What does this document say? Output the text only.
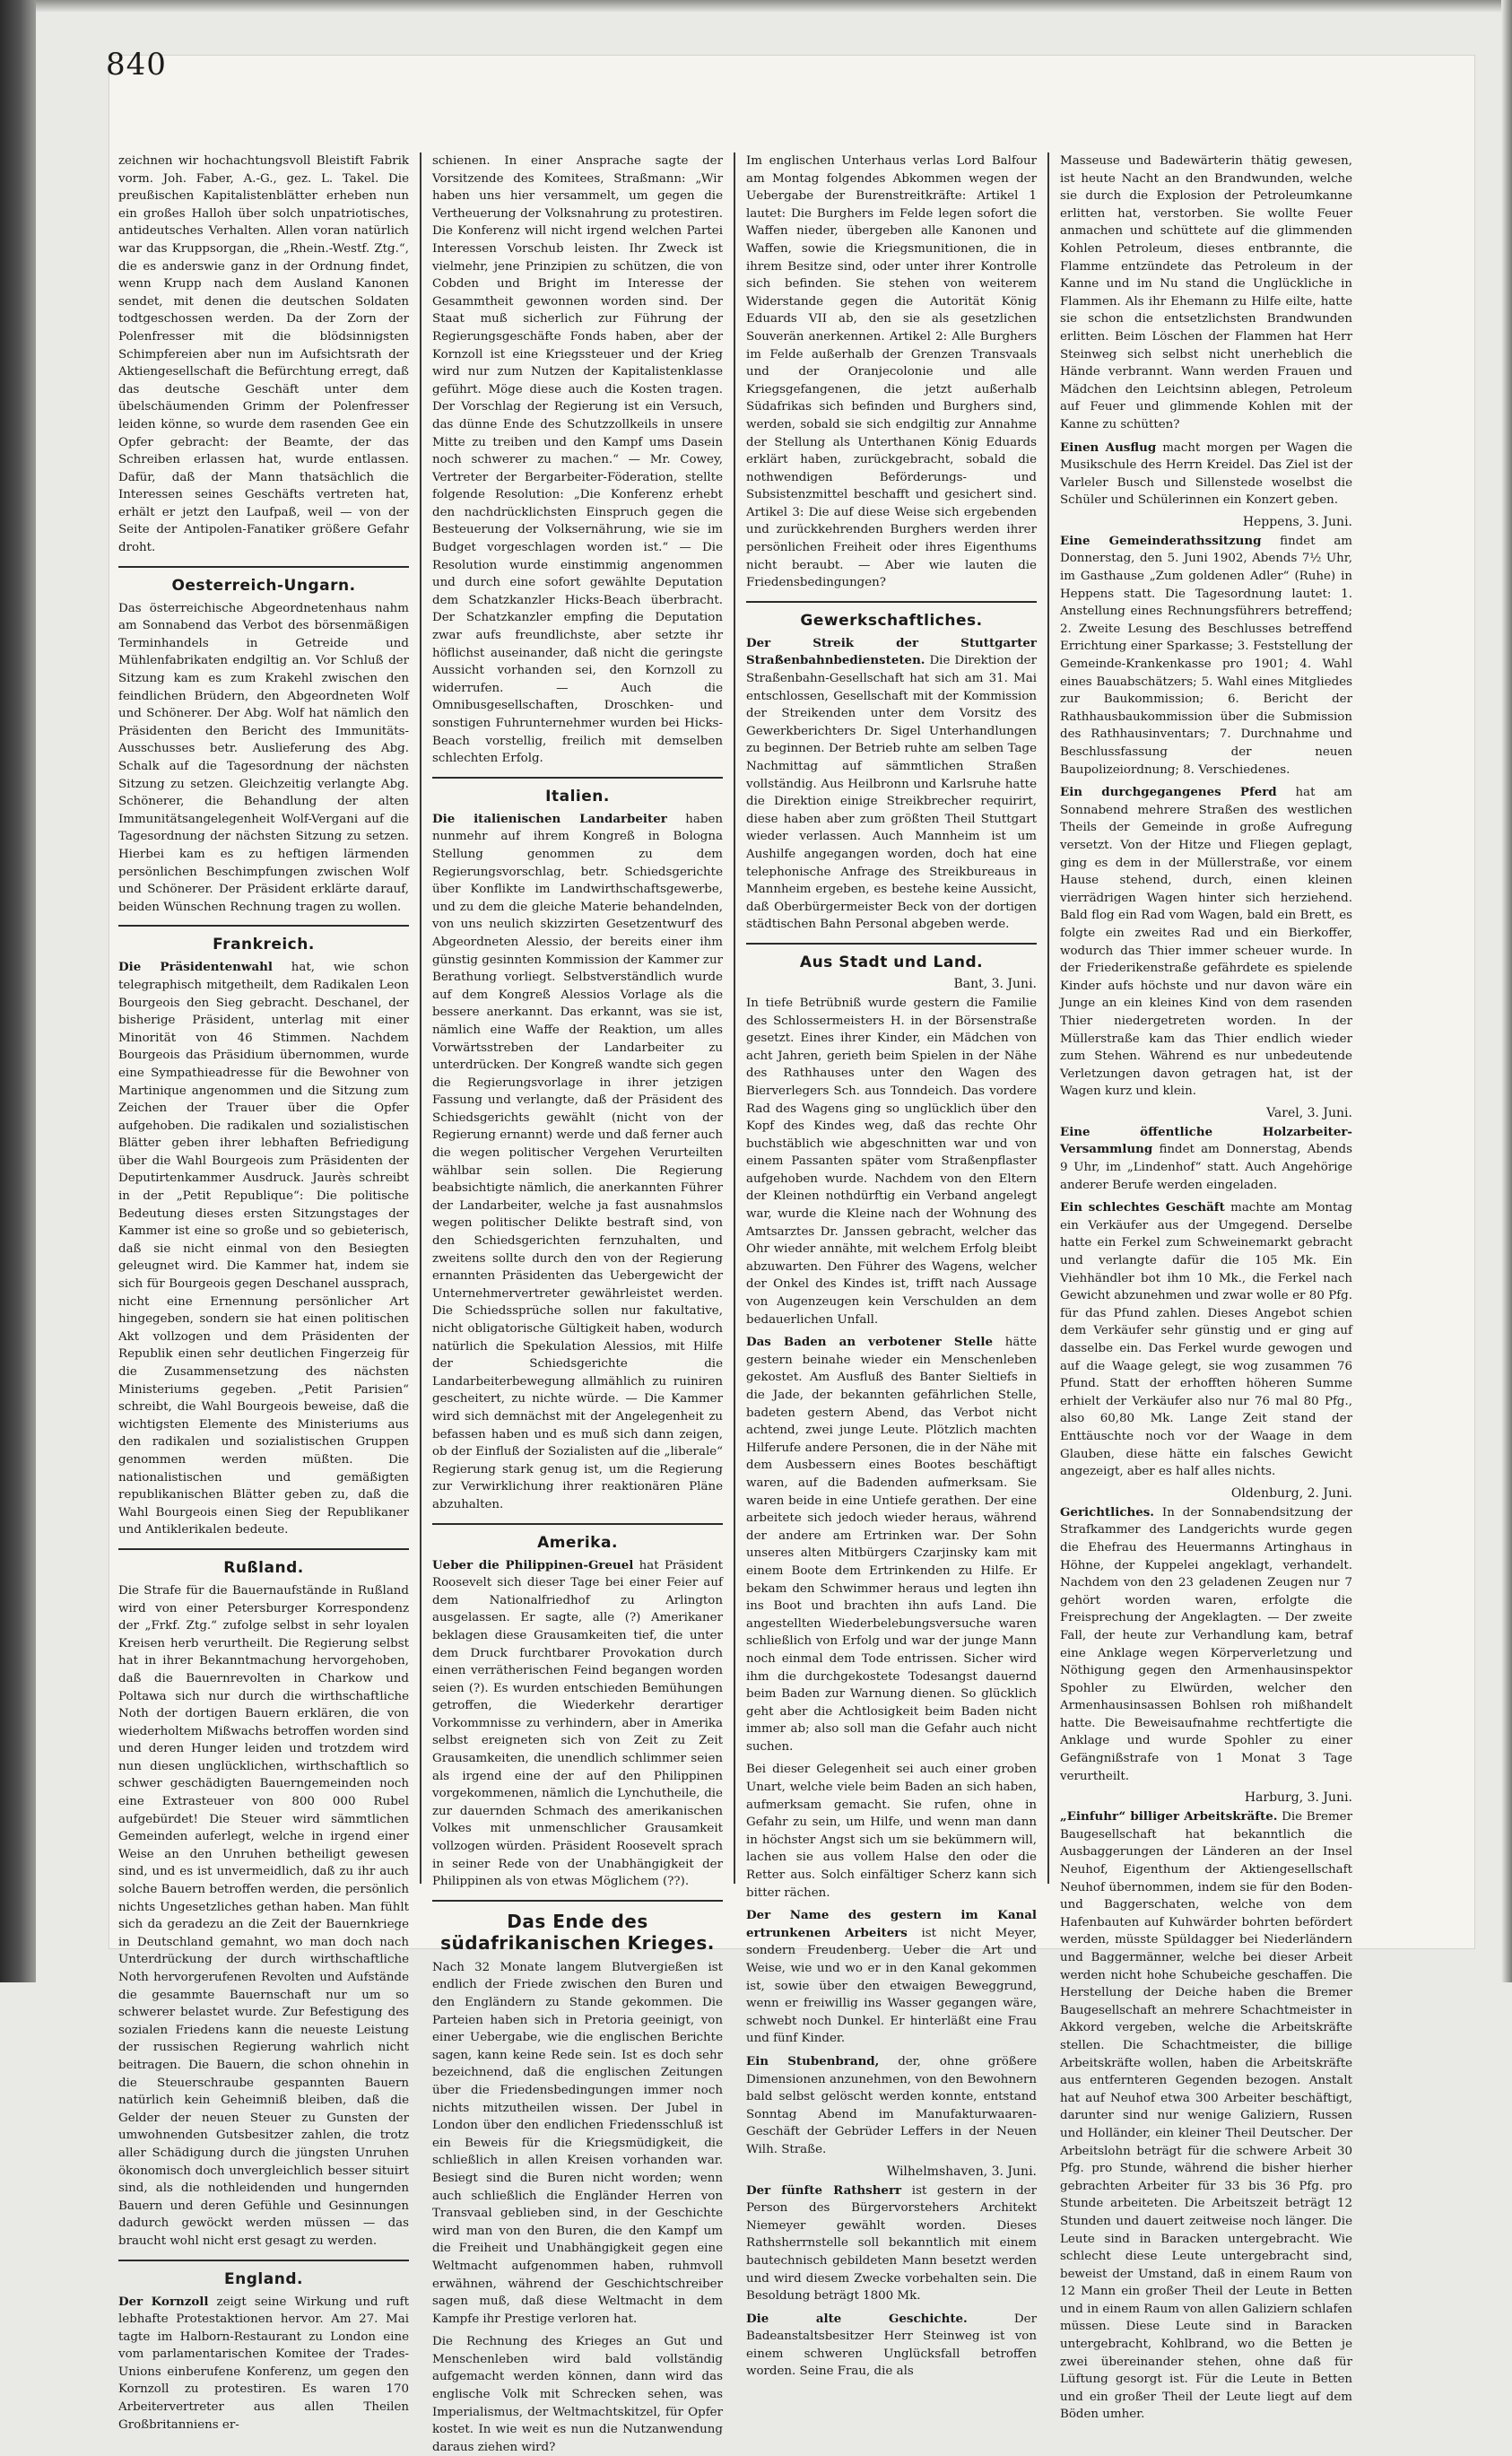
840

zeichnen wir hochachtungsvoll Bleistift Fabrik vorm. Joh. Faber, A.-G., gez. L. Takel. Die preußischen Kapitalistenblätter erheben nun ein großes Halloh über solch unpatriotisches, antideutsches Verhalten. Allen voran natürlich war das Kruppsorgan, die „Rhein.-Westf. Ztg.“, die es anderswie ganz in der Ordnung findet, wenn Krupp nach dem Ausland Kanonen sendet, mit denen die deutschen Soldaten todtgeschossen werden. Da der Zorn der Polenfresser mit die blödsinnigsten Schimpfereien aber nun im Aufsichtsrath der Aktiengesellschaft die Befürchtung erregt, daß das deutsche Geschäft unter dem übelschäumenden Grimm der Polenfresser leiden könne, so wurde dem rasenden Gee ein Opfer gebracht: der Beamte, der das Schreiben erlassen hat, wurde entlassen. Dafür, daß der Mann thatsächlich die Interessen seines Geschäfts vertreten hat, erhält er jetzt den Laufpaß, weil — von der Seite der Antipolen-Fanatiker größere Gefahr droht.

Oesterreich-Ungarn.

Das österreichische Abgeordnetenhaus nahm am Sonnabend das Verbot des börsenmäßigen Terminhandels in Getreide und Mühlenfabrikaten endgiltig an. Vor Schluß der Sitzung kam es zum Krakehl zwischen den feindlichen Brüdern, den Abgeordneten Wolf und Schönerer. Der Abg. Wolf hat nämlich den Präsidenten den Bericht des Immunitäts-Ausschusses betr. Auslieferung des Abg. Schalk auf die Tagesordnung der nächsten Sitzung zu setzen. Gleichzeitig verlangte Abg. Schönerer, die Behandlung der alten Immunitätsangelegenheit Wolf-Vergani auf die Tagesordnung der nächsten Sitzung zu setzen. Hierbei kam es zu heftigen lärmenden persönlichen Beschimpfungen zwischen Wolf und Schönerer. Der Präsident erklärte darauf, beiden Wünschen Rechnung tragen zu wollen.

Frankreich.

Die Präsidentenwahl hat, wie schon telegraphisch mitgetheilt, dem Radikalen Leon Bourgeois den Sieg gebracht. Deschanel, der bisherige Präsident, unterlag mit einer Minorität von 46 Stimmen. Nachdem Bourgeois das Präsidium übernommen, wurde eine Sympathieadresse für die Bewohner von Martinique angenommen und die Sitzung zum Zeichen der Trauer über die Opfer aufgehoben. Die radikalen und sozialistischen Blätter geben ihrer lebhaften Befriedigung über die Wahl Bourgeois zum Präsidenten der Deputirtenkammer Ausdruck. Jaurès schreibt in der „Petit Republique“: Die politische Bedeutung dieses ersten Sitzungstages der Kammer ist eine so große und so gebieterisch, daß sie nicht einmal von den Besiegten geleugnet wird. Die Kammer hat, indem sie sich für Bourgeois gegen Deschanel aussprach, nicht eine Ernennung persönlicher Art hingegeben, sondern sie hat einen politischen Akt vollzogen und dem Präsidenten der Republik einen sehr deutlichen Fingerzeig für die Zusammensetzung des nächsten Ministeriums gegeben. „Petit Parisien“ schreibt, die Wahl Bourgeois beweise, daß die wichtigsten Elemente des Ministeriums aus den radikalen und sozialistischen Gruppen genommen werden müßten. Die nationalistischen und gemäßigten republikanischen Blätter geben zu, daß die Wahl Bourgeois einen Sieg der Republikaner und Antiklerikalen bedeute.

Rußland.

Die Strafe für die Bauernaufstände in Rußland wird von einer Petersburger Korrespondenz der „Frkf. Ztg.“ zufolge selbst in sehr loyalen Kreisen herb verurtheilt. Die Regierung selbst hat in ihrer Bekanntmachung hervorgehoben, daß die Bauernrevolten in Charkow und Poltawa sich nur durch die wirthschaftliche Noth der dortigen Bauern erklären, die von wiederholtem Mißwachs betroffen worden sind und deren Hunger leiden und trotzdem wird nun diesen unglücklichen, wirthschaftlich so schwer geschädigten Bauerngemeinden noch eine Extrasteuer von 800 000 Rubel aufgebürdet! Die Steuer wird sämmtlichen Gemeinden auferlegt, welche in irgend einer Weise an den Unruhen betheiligt gewesen sind, und es ist unvermeidlich, daß zu ihr auch solche Bauern betroffen werden, die persönlich nichts Ungesetzliches gethan haben. Man fühlt sich da geradezu an die Zeit der Bauernkriege in Deutschland gemahnt, wo man doch nach Unterdrückung der durch wirthschaftliche Noth hervorgerufenen Revolten und Aufstände die gesammte Bauernschaft nur um so schwerer belastet wurde. Zur Befestigung des sozialen Friedens kann die neueste Leistung der russischen Regierung wahrlich nicht beitragen. Die Bauern, die schon ohnehin in die Steuerschraube gespannten Bauern natürlich kein Geheimniß bleiben, daß die Gelder der neuen Steuer zu Gunsten der umwohnenden Gutsbesitzer zahlen, die trotz aller Schädigung durch die jüngsten Unruhen ökonomisch doch unvergleichlich besser situirt sind, als die nothleidenden und hungernden Bauern und deren Gefühle und Gesinnungen dadurch gewöckt werden müssen — das braucht wohl nicht erst gesagt zu werden.

England.

Der Kornzoll zeigt seine Wirkung und ruft lebhafte Protestaktionen hervor. Am 27. Mai tagte im Halborn-Restaurant zu London eine vom parlamentarischen Komitee der Trades-Unions einberufene Konferenz, um gegen den Kornzoll zu protestiren. Es waren 170 Arbeitervertreter aus allen Theilen Großbritanniens er-

schienen. In einer Ansprache sagte der Vorsitzende des Komitees, Straßmann: „Wir haben uns hier versammelt, um gegen die Vertheuerung der Volksnahrung zu protestiren. Die Konferenz will nicht irgend welchen Partei Interessen Vorschub leisten. Ihr Zweck ist vielmehr, jene Prinzipien zu schützen, die von Cobden und Bright im Interesse der Gesammtheit gewonnen worden sind. Der Staat muß sicherlich zur Führung der Regierungsgeschäfte Fonds haben, aber der Kornzoll ist eine Kriegssteuer und der Krieg wird nur zum Nutzen der Kapitalistenklasse geführt. Möge diese auch die Kosten tragen. Der Vorschlag der Regierung ist ein Versuch, das dünne Ende des Schutzzollkeils in unsere Mitte zu treiben und den Kampf ums Dasein noch schwerer zu machen.“ — Mr. Cowey, Vertreter der Bergarbeiter-Föderation, stellte folgende Resolution: „Die Konferenz erhebt den nachdrücklichsten Einspruch gegen die Besteuerung der Volksernährung, wie sie im Budget vorgeschlagen worden ist.“ — Die Resolution wurde einstimmig angenommen und durch eine sofort gewählte Deputation dem Schatzkanzler Hicks-Beach überbracht. Der Schatzkanzler empfing die Deputation zwar aufs freundlichste, aber setzte ihr höflichst auseinander, daß nicht die geringste Aussicht vorhanden sei, den Kornzoll zu widerrufen. — Auch die Omnibusgesellschaften, Droschken- und sonstigen Fuhrunternehmer wurden bei Hicks-Beach vorstellig, freilich mit demselben schlechten Erfolg.

Italien.

Die italienischen Landarbeiter haben nunmehr auf ihrem Kongreß in Bologna Stellung genommen zu dem Regierungsvorschlag, betr. Schiedsgerichte über Konflikte im Landwirthschaftsgewerbe, und zu dem die gleiche Materie behandelnden, von uns neulich skizzirten Gesetzentwurf des Abgeordneten Alessio, der bereits einer ihm günstig gesinnten Kommission der Kammer zur Berathung vorliegt. Selbstverständlich wurde auf dem Kongreß Alessios Vorlage als die bessere anerkannt. Das erkannt, was sie ist, nämlich eine Waffe der Reaktion, um alles Vorwärtsstreben der Landarbeiter zu unterdrücken. Der Kongreß wandte sich gegen die Regierungsvorlage in ihrer jetzigen Fassung und verlangte, daß der Präsident des Schiedsgerichts gewählt (nicht von der Regierung ernannt) werde und daß ferner auch die wegen politischer Vergehen Verurteilten wählbar sein sollen. Die Regierung beabsichtigte nämlich, die anerkannten Führer der Landarbeiter, welche ja fast ausnahmslos wegen politischer Delikte bestraft sind, von den Schiedsgerichten fernzuhalten, und zweitens sollte durch den von der Regierung ernannten Präsidenten das Uebergewicht der Unternehmervertreter gewährleistet werden. Die Schiedssprüche sollen nur fakultative, nicht obligatorische Gültigkeit haben, wodurch natürlich die Spekulation Alessios, mit Hilfe der Schiedsgerichte die Landarbeiterbewegung allmählich zu ruiniren gescheitert, zu nichte würde. — Die Kammer wird sich demnächst mit der Angelegenheit zu befassen haben und es muß sich dann zeigen, ob der Einfluß der Sozialisten auf die „liberale“ Regierung stark genug ist, um die Regierung zur Verwirklichung ihrer reaktionären Pläne abzuhalten.

Amerika.

Ueber die Philippinen-Greuel hat Präsident Roosevelt sich dieser Tage bei einer Feier auf dem Nationalfriedhof zu Arlington ausgelassen. Er sagte, alle (?) Amerikaner beklagen diese Grausamkeiten tief, die unter dem Druck furchtbarer Provokation durch einen verrätherischen Feind begangen worden seien (?). Es wurden entschieden Bemühungen getroffen, die Wiederkehr derartiger Vorkommnisse zu verhindern, aber in Amerika selbst ereigneten sich von Zeit zu Zeit Grausamkeiten, die unendlich schlimmer seien als irgend eine der auf den Philippinen vorgekommenen, nämlich die Lynchutheile, die zur dauernden Schmach des amerikanischen Volkes mit unmenschlicher Grausamkeit vollzogen würden. Präsident Roosevelt sprach in seiner Rede von der Unabhängigkeit der Philippinen als von etwas Möglichem (??).

Das Ende des südafrikanischen Krieges.

Nach 32 Monate langem Blutvergießen ist endlich der Friede zwischen den Buren und den Engländern zu Stande gekommen. Die Parteien haben sich in Pretoria geeinigt, von einer Uebergabe, wie die englischen Berichte sagen, kann keine Rede sein. Ist es doch sehr bezeichnend, daß die englischen Zeitungen über die Friedensbedingungen immer noch nichts mitzutheilen wissen. Der Jubel in London über den endlichen Friedensschluß ist ein Beweis für die Kriegsmüdigkeit, die schließlich in allen Kreisen vorhanden war. Besiegt sind die Buren nicht worden; wenn auch schließlich die Engländer Herren von Transvaal geblieben sind, in der Geschichte wird man von den Buren, die den Kampf um die Freiheit und Unabhängigkeit gegen eine Weltmacht aufgenommen haben, ruhmvoll erwähnen, während der Geschichtschreiber sagen muß, daß diese Weltmacht in dem Kampfe ihr Prestige verloren hat.

Die Rechnung des Krieges an Gut und Menschenleben wird bald vollständig aufgemacht werden können, dann wird das englische Volk mit Schrecken sehen, was Imperialismus, der Weltmachtskitzel, für Opfer kostet. In wie weit es nun die Nutzanwendung daraus ziehen wird?

Im englischen Unterhaus verlas Lord Balfour am Montag folgendes Abkommen wegen der Uebergabe der Burenstreitkräfte: Artikel 1 lautet: Die Burghers im Felde legen sofort die Waffen nieder, übergeben alle Kanonen und Waffen, sowie die Kriegsmunitionen, die in ihrem Besitze sind, oder unter ihrer Kontrolle sich befinden. Sie stehen von weiterem Widerstande gegen die Autorität König Eduards VII ab, den sie als gesetzlichen Souverän anerkennen. Artikel 2: Alle Burghers im Felde außerhalb der Grenzen Transvaals und der Oranjecolonie und alle Kriegsgefangenen, die jetzt außerhalb Südafrikas sich befinden und Burghers sind, werden, sobald sie sich endgiltig zur Annahme der Stellung als Unterthanen König Eduards erklärt haben, zurückgebracht, sobald die nothwendigen Beförderungs- und Subsistenzmittel beschafft und gesichert sind. Artikel 3: Die auf diese Weise sich ergebenden und zurückkehrenden Burghers werden ihrer persönlichen Freiheit oder ihres Eigenthums nicht beraubt. — Aber wie lauten die Friedensbedingungen?

Gewerkschaftliches.

Der Streik der Stuttgarter Straßenbahnbediensteten. Die Direktion der Straßenbahn-Gesellschaft hat sich am 31. Mai entschlossen, Gesellschaft mit der Kommission der Streikenden unter dem Vorsitz des Gewerkberichters Dr. Sigel Unterhandlungen zu beginnen. Der Betrieb ruhte am selben Tage Nachmittag auf sämmtlichen Straßen vollständig. Aus Heilbronn und Karlsruhe hatte die Direktion einige Streikbrecher requirirt, diese haben aber zum größten Theil Stuttgart wieder verlassen. Auch Mannheim ist um Aushilfe angegangen worden, doch hat eine telephonische Anfrage des Streikbureaus in Mannheim ergeben, es bestehe keine Aussicht, daß Oberbürgermeister Beck von der dortigen städtischen Bahn Personal abgeben werde.

Aus Stadt und Land.
Bant, 3. Juni.

In tiefe Betrübniß wurde gestern die Familie des Schlossermeisters H. in der Börsenstraße gesetzt. Eines ihrer Kinder, ein Mädchen von acht Jahren, gerieth beim Spielen in der Nähe des Rathhauses unter den Wagen des Bierverlegers Sch. aus Tonndeich. Das vordere Rad des Wagens ging so unglücklich über den Kopf des Kindes weg, daß das rechte Ohr buchstäblich wie abgeschnitten war und von einem Passanten später vom Straßenpflaster aufgehoben wurde. Nachdem von den Eltern der Kleinen nothdürftig ein Verband angelegt war, wurde die Kleine nach der Wohnung des Amtsarztes Dr. Janssen gebracht, welcher das Ohr wieder annähte, mit welchem Erfolg bleibt abzuwarten. Den Führer des Wagens, welcher der Onkel des Kindes ist, trifft nach Aussage von Augenzeugen kein Verschulden an dem bedauerlichen Unfall.

Das Baden an verbotener Stelle hätte gestern beinahe wieder ein Menschenleben gekostet. Am Ausfluß des Banter Sieltiefs in die Jade, der bekannten gefährlichen Stelle, badeten gestern Abend, das Verbot nicht achtend, zwei junge Leute. Plötzlich machten Hilferufe andere Personen, die in der Nähe mit dem Ausbessern eines Bootes beschäftigt waren, auf die Badenden aufmerksam. Sie waren beide in eine Untiefe gerathen. Der eine arbeitete sich jedoch wieder heraus, während der andere am Ertrinken war. Der Sohn unseres alten Mitbürgers Czarjinsky kam mit einem Boote dem Ertrinkenden zu Hilfe. Er bekam den Schwimmer heraus und legten ihn ins Boot und brachten ihn aufs Land. Die angestellten Wiederbelebungsversuche waren schließlich von Erfolg und war der junge Mann noch einmal dem Tode entrissen. Sicher wird ihm die durchgekostete Todesangst dauernd beim Baden zur Warnung dienen. So glücklich geht aber die Achtlosigkeit beim Baden nicht immer ab; also soll man die Gefahr auch nicht suchen.

Bei dieser Gelegenheit sei auch einer groben Unart, welche viele beim Baden an sich haben, aufmerksam gemacht. Sie rufen, ohne in Gefahr zu sein, um Hilfe, und wenn man dann in höchster Angst sich um sie bekümmern will, lachen sie aus vollem Halse den oder die Retter aus. Solch einfältiger Scherz kann sich bitter rächen.

Der Name des gestern im Kanal ertrunkenen Arbeiters ist nicht Meyer, sondern Freudenberg. Ueber die Art und Weise, wie und wo er in den Kanal gekommen ist, sowie über den etwaigen Beweggrund, wenn er freiwillig ins Wasser gegangen wäre, schwebt noch Dunkel. Er hinterläßt eine Frau und fünf Kinder.

Ein Stubenbrand, der, ohne größere Dimensionen anzunehmen, von den Bewohnern bald selbst gelöscht werden konnte, entstand Sonntag Abend im Manufakturwaaren-Geschäft der Gebrüder Leffers in der Neuen Wilh. Straße.

Wilhelmshaven, 3. Juni.

Der fünfte Rathsherr ist gestern in der Person des Bürgervorstehers Architekt Niemeyer gewählt worden. Dieses Rathsherrnstelle soll bekanntlich mit einem bautechnisch gebildeten Mann besetzt werden und wird diesem Zwecke vorbehalten sein. Die Besoldung beträgt 1800 Mk.

Die alte Geschichte.	Der Badeanstaltsbesitzer Herr Steinweg ist von einem schweren Unglücksfall betroffen worden. Seine Frau, die als

Masseuse und Badewärterin thätig gewesen, ist heute Nacht an den Brandwunden, welche sie durch die Explosion der Petroleumkanne erlitten hat, verstorben. Sie wollte Feuer anmachen und schüttete auf die glimmenden Kohlen Petroleum, dieses entbrannte, die Flamme entzündete das Petroleum in der Kanne und im Nu stand die Unglückliche in Flammen. Als ihr Ehemann zu Hilfe eilte, hatte sie schon die entsetzlichsten Brandwunden erlitten. Beim Löschen der Flammen hat Herr Steinweg sich selbst nicht unerheblich die Hände verbrannt. Wann werden Frauen und Mädchen den Leichtsinn ablegen, Petroleum auf Feuer und glimmende Kohlen mit der Kanne zu schütten?

Einen Ausflug macht morgen per Wagen die Musikschule des Herrn Kreidel. Das Ziel ist der Varleler Busch und Sillenstede woselbst die Schüler und Schülerinnen ein Konzert geben.

Heppens, 3. Juni.

Eine Gemeinderathssitzung findet am Donnerstag, den 5. Juni 1902, Abends 7½ Uhr, im Gasthause „Zum goldenen Adler“ (Ruhe) in Heppens statt. Die Tagesordnung lautet: 1. Anstellung eines Rechnungsführers betreffend; 2. Zweite Lesung des Beschlusses betreffend Errichtung einer Sparkasse; 3. Feststellung der Gemeinde-Krankenkasse pro 1901; 4. Wahl eines Bauabschätzers; 5. Wahl eines Mitgliedes zur Baukommission; 6. Bericht der Rathhausbaukommission über die Submission des Rathhausinventars; 7. Durchnahme und Beschlussfassung der neuen Baupolizeiordnung; 8. Verschiedenes.

Ein durchgegangenes Pferd hat am Sonnabend mehrere Straßen des westlichen Theils der Gemeinde in große Aufregung versetzt. Von der Hitze und Fliegen geplagt, ging es dem in der Müllerstraße, vor einem Hause stehend, durch, einen kleinen vierrädrigen Wagen hinter sich herziehend. Bald flog ein Rad vom Wagen, bald ein Brett, es folgte ein zweites Rad und ein Bierkoffer, wodurch das Thier immer scheuer wurde. In der Friederikenstraße gefährdete es spielende Kinder aufs höchste und nur davon wäre ein Junge an ein kleines Kind von dem rasenden Thier niedergetreten worden. In der Müllerstraße kam das Thier endlich wieder zum Stehen. Während es nur unbedeutende Verletzungen davon getragen hat, ist der Wagen kurz und klein.

Varel, 3. Juni.

Eine öffentliche Holzarbeiter-Versammlung findet am Donnerstag, Abends 9 Uhr, im „Lindenhof“ statt. Auch Angehörige anderer Berufe werden eingeladen.

Ein schlechtes Geschäft machte am Montag ein Verkäufer aus der Umgegend. Derselbe hatte ein Ferkel zum Schweinemarkt gebracht und verlangte dafür die 105 Mk. Ein Viehhändler bot ihm 10 Mk., die Ferkel nach Gewicht abzunehmen und zwar wolle er 80 Pfg. für das Pfund zahlen. Dieses Angebot schien dem Verkäufer sehr günstig und er ging auf dasselbe ein. Das Ferkel wurde gewogen und auf die Waage gelegt, sie wog zusammen 76 Pfund. Statt der erhofften höheren Summe erhielt der Verkäufer also nur 76 mal 80 Pfg., also 60,80 Mk. Lange Zeit stand der Enttäuschte noch vor der Waage in dem Glauben, diese hätte ein falsches Gewicht angezeigt, aber es half alles nichts.

Oldenburg, 2. Juni.

Gerichtliches. In der Sonnabendsitzung der Strafkammer des Landgerichts wurde gegen die Ehefrau des Heuermanns Artinghaus in Höhne, der Kuppelei angeklagt, verhandelt. Nachdem von den 23 geladenen Zeugen nur 7 gehört worden waren, erfolgte die Freisprechung der Angeklagten. — Der zweite Fall, der heute zur Verhandlung kam, betraf eine Anklage wegen Körperverletzung und Nöthigung gegen den Armenhausinspektor Spohler zu Elwürden, welcher den Armenhausinsassen Bohlsen roh mißhandelt hatte. Die Beweisaufnahme rechtfertigte die Anklage und wurde Spohler zu einer Gefängnißstrafe von 1 Monat 3 Tage verurtheilt.

Harburg, 3. Juni.

„Einfuhr“ billiger Arbeitskräfte. Die Bremer Baugesellschaft hat bekanntlich die Ausbaggerungen der Länderen an der Insel Neuhof, Eigenthum der Aktiengesellschaft Neuhof übernommen, indem sie für den Boden- und Baggerschaten, welche von dem Hafenbauten auf Kuhwärder bohrten befördert werden, müsste Spüldagger bei Niederländern und Baggermänner, welche bei dieser Arbeit werden nicht hohe Schubeiche geschaffen. Die Herstellung der Deiche haben die Bremer Baugesellschaft an mehrere Schachtmeister in Akkord vergeben, welche die Arbeitskräfte stellen. Die Schachtmeister, die billige Arbeitskräfte wollen, haben die Arbeitskräfte aus entfernteren Gegenden bezogen. Anstalt hat auf Neuhof etwa 300 Arbeiter beschäftigt, darunter sind nur wenige Galiziern, Russen und Holländer, ein kleiner Theil Deutscher. Der Arbeitslohn beträgt für die schwere Arbeit 30 Pfg. pro Stunde, während die bisher hierher gebrachten Arbeiter für 33 bis 36 Pfg. pro Stunde arbeiteten. Die Arbeitszeit beträgt 12 Stunden und dauert zeitweise noch länger. Die Leute sind in Baracken untergebracht. Wie schlecht diese Leute untergebracht sind, beweist der Umstand, daß in einem Raum von 12 Mann ein großer Theil der Leute in Betten und in einem Raum von allen Galiziern schlafen müssen. Diese Leute sind in Baracken untergebracht, Kohlbrand, wo die Betten je zwei übereinander stehen, ohne daß für Lüftung gesorgt ist. Für die Leute in Betten und ein großer Theil der Leute liegt auf dem Böden umher.
